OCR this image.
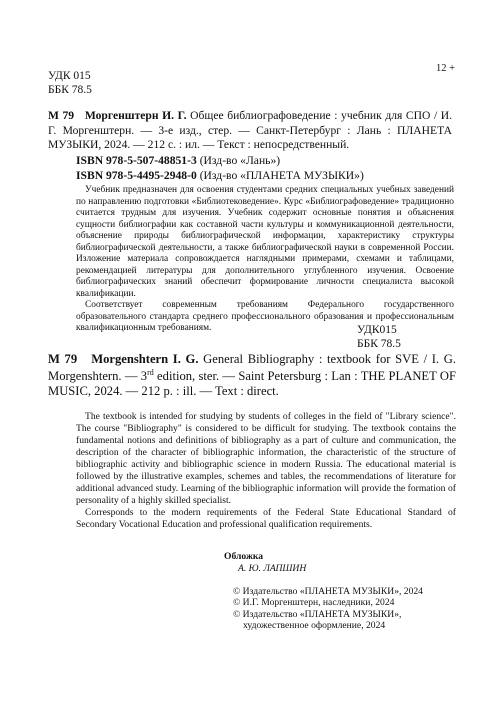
УДК 015
ББК 78.5
12 +
М 79 Моргенштерн И. Г. Общее библиографоведение : учебник для СПО / И. Г. Моргенштерн. — 3-е изд., стер. — Санкт-Петербург : Лань : ПЛАНЕТА МУЗЫКИ, 2024. — 212 с. : ил. — Текст : непосредственный.
ISBN 978-5-507-48851-3 (Изд-во «Лань»)
ISBN 978-5-4495-2948-0 (Изд-во «ПЛАНЕТА МУЗЫКИ»)

Учебник предназначен для освоения студентами средних специальных учебных заведений по направлению подготовки «Библиотековедение». Курс «Библиографоведение» традиционно считается трудным для изучения. Учебник содержит основные понятия и объяснения сущности библиографии как составной части культуры и коммуникационной деятельности, объяснение природы библиографической информации, характеристику структуры библиографической деятельности, а также библиографической науки в современной России. Изложение материала сопровождается наглядными примерами, схемами и таблицами, рекомендацией литературы для дополнительного углубленного изучения. Освоение библиографических знаний обеспечит формирование личности специалиста высокой квалификации.

Соответствует современным требованиям Федерального государственного образовательного стандарта среднего профессионального образования и профессиональным квалификационным требованиям.	УДК015
ББК 78.5
М 79 Morgenshtern I. G. General Bibliography : textbook for SVE / I. G. Morgenshtern. — 3rd edition, ster. — Saint Petersburg : Lan : THE PLANET OF MUSIC, 2024. — 212 p. : ill. — Text : direct.

The textbook is intended for studying by students of colleges in the field of "Library science". The course "Bibliography" is considered to be difficult for studying. The textbook contains the fundamental notions and definitions of bibliography as a part of culture and communication, the description of the character of bibliographic information, the characteristic of the structure of bibliographic activity and bibliographic science in modern Russia. The educational material is followed by the illustrative examples, schemes and tables, the recommendations of literature for additional advanced study. Learning of the bibliographic information will provide the formation of personality of a highly skilled specialist.

Corresponds to the modern requirements of the Federal State Educational Standard of Secondary Vocational Education and professional qualification requirements.

Обложка
А. Ю. ЛАПШИН
© Издательство «ПЛАНЕТА МУЗЫКИ», 2024
© И.Г. Моргенштерн, наследники, 2024
© Издательство «ПЛАНЕТА МУЗЫКИ»,
художественное оформление, 2024
